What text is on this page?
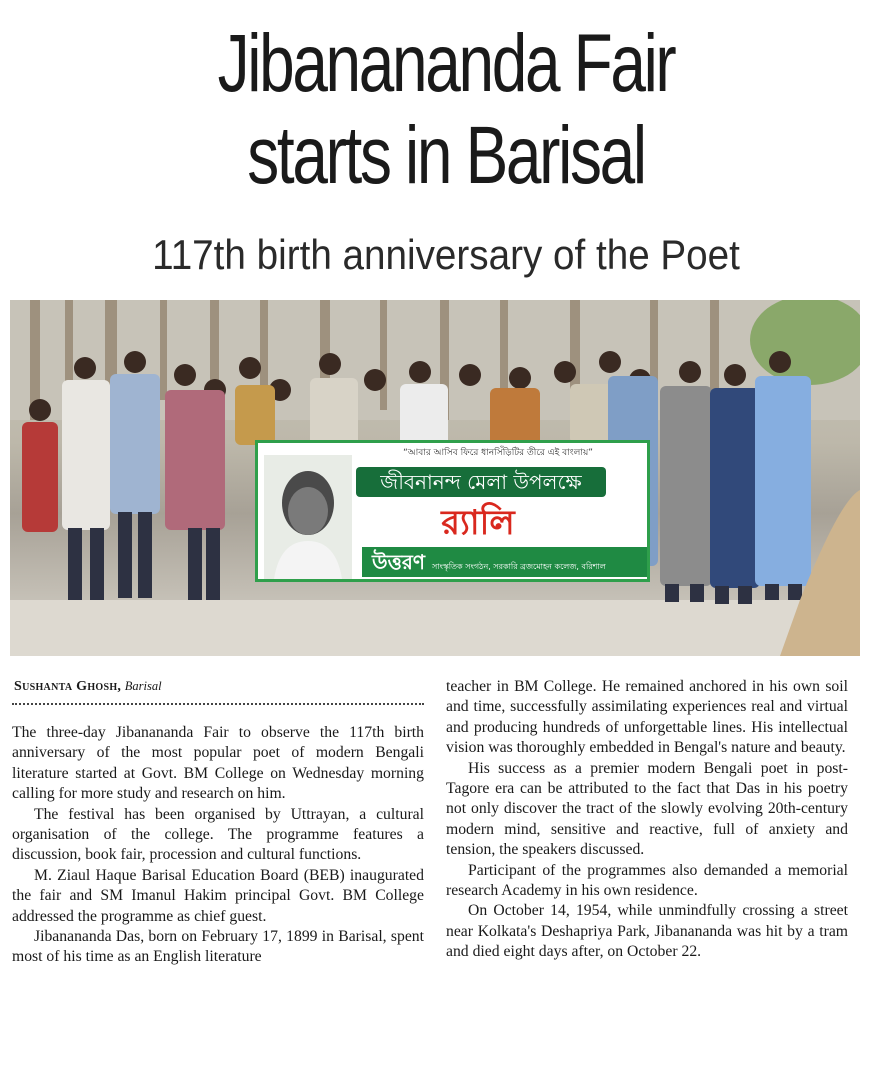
Jibanananda Fair
starts in Barisal
117th birth anniversary of the Poet
“আবার আসিব ফিরে ধানসিঁড়িটির তীরে এই বাংলায়”
জীবনানন্দ মেলা উপলক্ষে
র‍্যালি
উত্তরণ সাংস্কৃতিক সংগঠন, সরকারি ব্রজমোহন কলেজ, বরিশাল
Sushanta Ghosh, Barisal

The three-day Jibanananda Fair to observe the 117th birth anniversary of the most popular poet of modern Bengali literature started at Govt. BM College on Wednesday morning calling for more study and research on him.

The festival has been organised by Uttrayan, a cultural organisation of the college. The programme features a discussion, book fair, procession and cultural functions.

M. Ziaul Haque Barisal Education Board (BEB) inaugurated the fair and SM Imanul Hakim principal Govt. BM College addressed the programme as chief guest.

Jibanananda Das, born on February 17, 1899 in Barisal, spent most of his time as an English literature

teacher in BM College. He remained anchored in his own soil and time, successfully assimilating experiences real and virtual and producing hundreds of unforgettable lines. His intellectual vision was thoroughly embedded in Bengal's nature and beauty.

His success as a premier modern Bengali poet in post-Tagore era can be attributed to the fact that Das in his poetry not only discover the tract of the slowly evolving 20th-century modern mind, sensitive and reactive, full of anxiety and tension, the speakers discussed.

Participant of the programmes also demanded a memorial research Academy in his own residence.

On October 14, 1954, while unmindfully crossing a street near Kolkata's Deshapriya Park, Jibanananda was hit by a tram and died eight days after, on October 22.
